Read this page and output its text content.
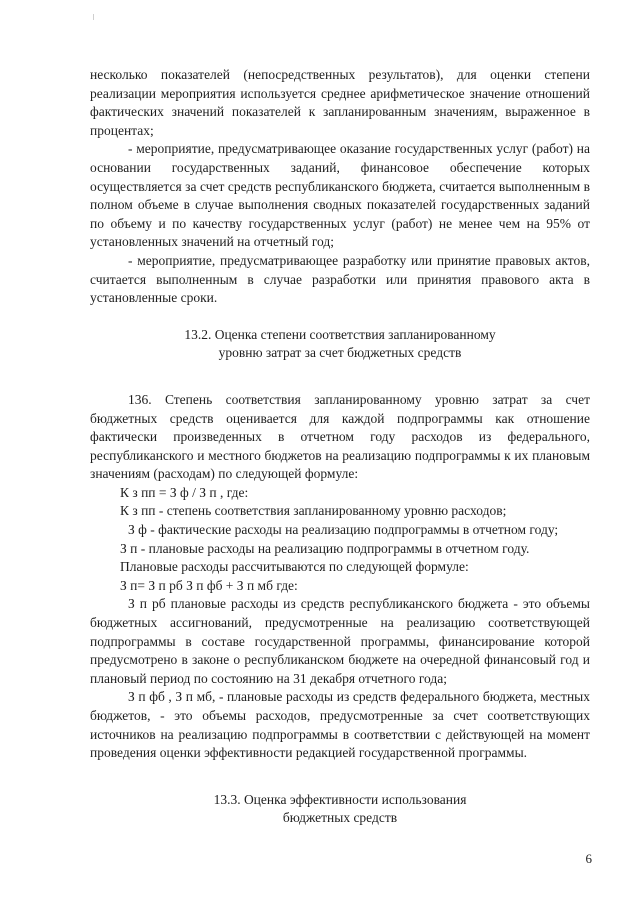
несколько показателей (непосредственных результатов), для оценки степени реализации мероприятия используется среднее арифметическое значение отношений фактических значений показателей к запланированным значениям, выраженное в процентах;

- мероприятие, предусматривающее оказание государственных услуг (работ) на основании государственных заданий, финансовое обеспечение которых осуществляется за счет средств республиканского бюджета, считается выполненным в полном объеме в случае выполнения сводных показателей государственных заданий по объему и по качеству государственных услуг (работ) не менее чем на 95% от установленных значений на отчетный год;

- мероприятие, предусматривающее разработку или принятие правовых актов, считается выполненным в случае разработки или принятия правового акта в установленные сроки.

13.2. Оценка степени соответствия запланированному

уровню затрат за счет бюджетных средств

136. Степень соответствия запланированному уровню затрат за счет бюджетных средств оценивается для каждой подпрограммы как отношение фактически произведенных в отчетном году расходов из федерального, республиканского и местного бюджетов на реализацию подпрограммы к их плановым значениям (расходам) по следующей формуле:

К з пп = З ф / З п , где:

К з пп - степень соответствия запланированному уровню расходов;

З ф - фактические расходы на реализацию подпрограммы в отчетном году;

З п - плановые расходы на реализацию подпрограммы в отчетном году.

Плановые расходы рассчитываются по следующей формуле:

З п= З п рб З п фб + З п мб где:

З п рб плановые расходы из средств республиканского бюджета - это объемы бюджетных ассигнований, предусмотренные на реализацию соответствующей подпрограммы в составе государственной программы, финансирование которой предусмотрено в законе о республиканском бюджете на очередной финансовый год и плановый период по состоянию на 31 декабря отчетного года;

З п фб , З п мб, - плановые расходы из средств федерального бюджета, местных бюджетов, - это объемы расходов, предусмотренные за счет соответствующих источников на реализацию подпрограммы в соответствии с действующей на момент проведения оценки эффективности редакцией государственной программы.

13.3. Оценка эффективности использования

бюджетных средств

6
